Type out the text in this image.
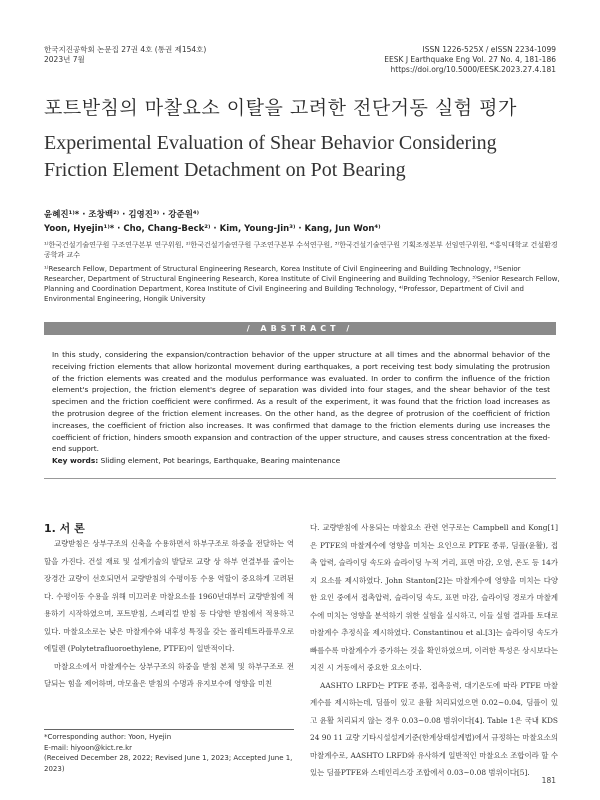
한국지진공학회 논문집 27권 4호 (통권 제154호)
2023년 7월
ISSN 1226-525X / eISSN 2234-1099
EESK J Earthquake Eng Vol. 27 No. 4, 181-186
https://doi.org/10.5000/EESK.2023.27.4.181
포트받침의 마찰요소 이탈을 고려한 전단거동 실험 평가
Experimental Evaluation of Shear Behavior Considering Friction Element Detachment on Pot Bearing
윤혜진¹⁾* · 조창백²⁾ · 김영진³⁾ · 강준원⁴⁾
Yoon, Hyejin¹⁾* · Cho, Chang-Beck²⁾ · Kim, Young-Jin³⁾ · Kang, Jun Won⁴⁾
¹⁾한국건설기술연구원 구조연구본부 연구위원, ²⁾한국건설기술연구원 구조연구본부 수석연구원, ³⁾한국건설기술연구원 기획조정본부 선임연구위원, ⁴⁾홍익대학교 건설환경공학과 교수
¹⁾Research Fellow, Department of Structural Engineering Research, Korea Institute of Civil Engineering and Building Technology, ²⁾Senior Researcher, Department of Structural Engineering Research, Korea Institute of Civil Engineering and Building Technology, ³⁾Senior Research Fellow, Planning and Coordination Department, Korea Institute of Civil Engineering and Building Technology, ⁴⁾Professor, Department of Civil and Environmental Engineering, Hongik University
/ ABSTRACT /
In this study, considering the expansion/contraction behavior of the upper structure at all times and the abnormal behavior of the receiving friction elements that allow horizontal movement during earthquakes, a port receiving test body simulating the protrusion of the friction elements was created and the modulus performance was evaluated. In order to confirm the influence of the friction element's projection, the friction element's degree of separation was divided into four stages, and the shear behavior of the test specimen and the friction coefficient were confirmed. As a result of the experiment, it was found that the friction load increases as the protrusion degree of the friction element increases. On the other hand, as the degree of protrusion of the coefficient of friction increases, the coefficient of friction also increases. It was confirmed that damage to the friction elements during use increases the coefficient of friction, hinders smooth expansion and contraction of the upper structure, and causes stress concentration at the fixed-end support.
Key words: Sliding element, Pot bearings, Earthquake, Bearing maintenance
1. 서 론

교량받침은 상부구조의 신축을 수용하면서 하부구조로 하중을 전달하는 역할을 가진다. 건설 재료 및 설계기술의 발달로 교량 상 하부 연결부를 줄이는 장경간 교량이 선호되면서 교량받침의 수평이동 수용 역할이 중요하게 고려된다. 수평이동 수용을 위해 미끄러운 마찰요소를 1960년대부터 교량받침에 적용하기 시작하였으며, 포트받침, 스페리컬 받침 등 다양한 받침에서 적용하고 있다. 마찰요소로는 낮은 마찰계수와 내후성 특징을 갖는 폴리테트라플루오로에틸렌 (Polytetrafluoroethylene, PTFE)이 일반적이다.

마찰요소에서 마찰계수는 상부구조의 하중을 받침 본체 및 하부구조로 전달되는 힘을 제어하며, 마모율은 받침의 수명과 유지보수에 영향을 미친

다. 교량받침에 사용되는 마찰요소 관련 연구로는 Campbell and Kong[1]은 PTFE의 마찰계수에 영향을 미치는 요인으로 PTFE 종류, 딤플(윤활), 접촉 압력, 슬라이딩 속도와 슬라이딩 누적 거리, 표면 마감, 오염, 온도 등 14가지 요소를 제시하였다. John Stanton[2]는 마찰계수에 영향을 미치는 다양한 요인 중에서 접촉압력, 슬라이딩 속도, 표면 마감, 슬라이딩 경로가 마찰계수에 미치는 영향을 분석하기 위한 실험을 실시하고, 이들 실험 결과를 토대로 마찰계수 추정식을 제시하였다. Constantinou et al.[3]는 슬라이딩 속도가 빠를수록 마찰계수가 증가하는 것을 확인하였으며, 이러한 특성은 상시보다는 지진 시 거동에서 중요한 요소이다.

AASHTO LRFD는 PTFE 종류, 접촉응력, 대기온도에 따라 PTFE 마찰계수를 제시하는데, 딤플이 있고 윤활 처리되었으면 0.02~0.04, 딤플이 있고 윤활 처리되지 않는 경우 0.03~0.08 범위이다[4]. Table 1은 국내 KDS 24 90 11 교량 기타시설설계기준(한계상태설계법)에서 규정하는 마찰요소의 마찰계수로, AASHTO LRFD와 유사하게 일반적인 마찰요소 조합이라 할 수 있는 딤플PTFE와 스테인리스강 조합에서 0.03~0.08 범위이다[5].

*Corresponding author: Yoon, Hyejin
E-mail: hiyoon@kict.re.kr
(Received December 28, 2022; Revised June 1, 2023; Accepted June 1, 2023)
181
